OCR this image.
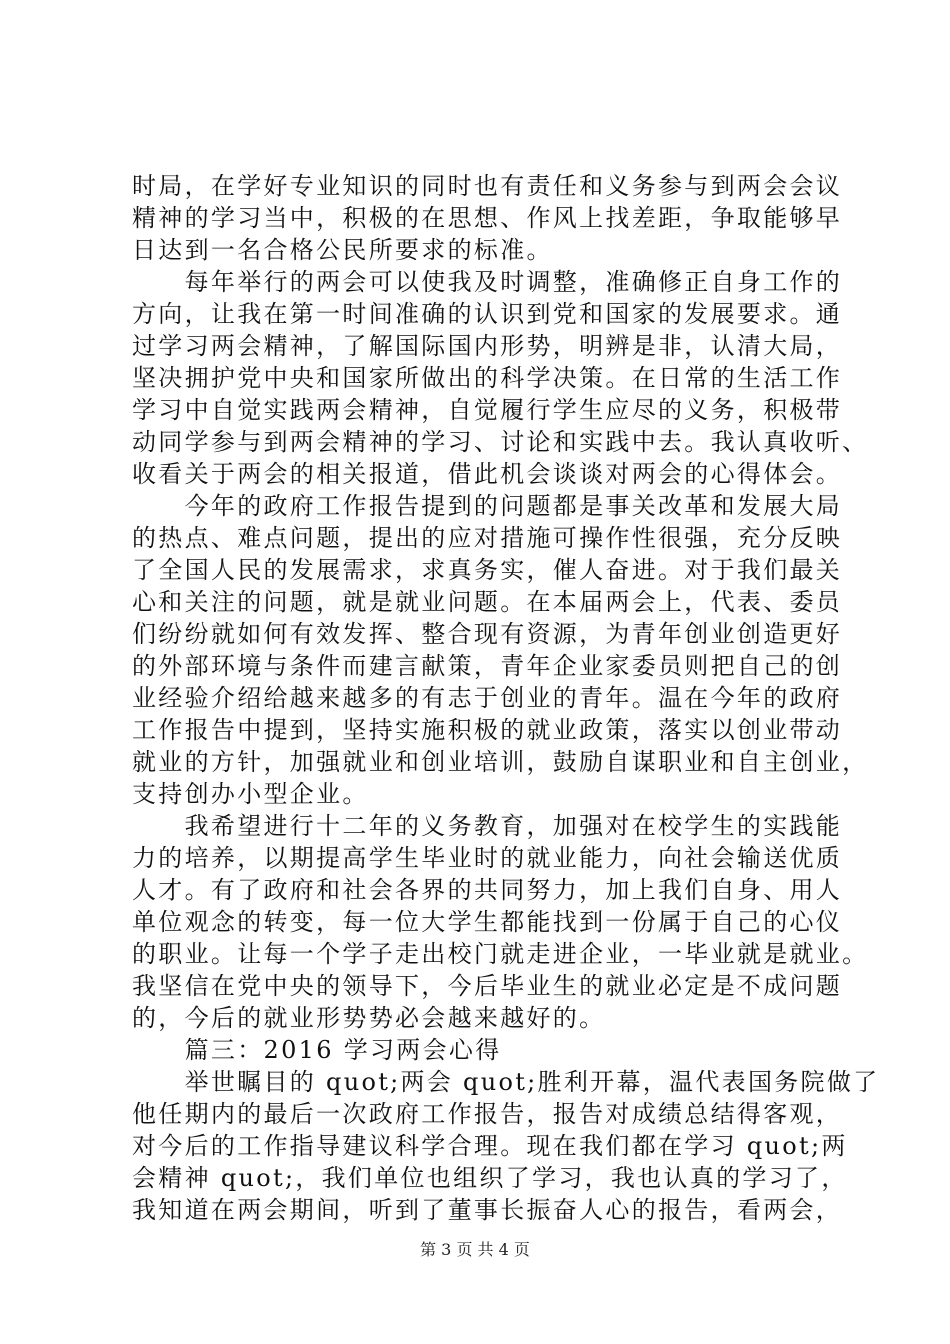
时局，在学好专业知识的同时也有责任和义务参与到两会会议

精神的学习当中，积极的在思想、作风上找差距，争取能够早

日达到一名合格公民所要求的标准。

　　每年举行的两会可以使我及时调整，准确修正自身工作的

方向，让我在第一时间准确的认识到党和国家的发展要求。通

过学习两会精神，了解国际国内形势，明辨是非，认清大局，

坚决拥护党中央和国家所做出的科学决策。在日常的生活工作

学习中自觉实践两会精神，自觉履行学生应尽的义务，积极带

动同学参与到两会精神的学习、讨论和实践中去。我认真收听、

收看关于两会的相关报道，借此机会谈谈对两会的心得体会。

　　今年的政府工作报告提到的问题都是事关改革和发展大局

的热点、难点问题，提出的应对措施可操作性很强，充分反映

了全国人民的发展需求，求真务实，催人奋进。对于我们最关

心和关注的问题，就是就业问题。在本届两会上，代表、委员

们纷纷就如何有效发挥、整合现有资源，为青年创业创造更好

的外部环境与条件而建言献策，青年企业家委员则把自己的创

业经验介绍给越来越多的有志于创业的青年。温在今年的政府

工作报告中提到，坚持实施积极的就业政策，落实以创业带动

就业的方针，加强就业和创业培训，鼓励自谋职业和自主创业，

支持创办小型企业。

　　我希望进行十二年的义务教育，加强对在校学生的实践能

力的培养，以期提高学生毕业时的就业能力，向社会输送优质

人才。有了政府和社会各界的共同努力，加上我们自身、用人

单位观念的转变，每一位大学生都能找到一份属于自己的心仪

的职业。让每一个学子走出校门就走进企业，一毕业就是就业。

我坚信在党中央的领导下，今后毕业生的就业必定是不成问题

的，今后的就业形势势必会越来越好的。

　　篇三：2016 学习两会心得

　　举世瞩目的 quot;两会 quot;胜利开幕，温代表国务院做了

他任期内的最后一次政府工作报告，报告对成绩总结得客观，

对今后的工作指导建议科学合理。现在我们都在学习 quot;两

会精神 quot;，我们单位也组织了学习，我也认真的学习了，

我知道在两会期间，听到了董事长振奋人心的报告，看两会，

第 3 页 共 4 页
